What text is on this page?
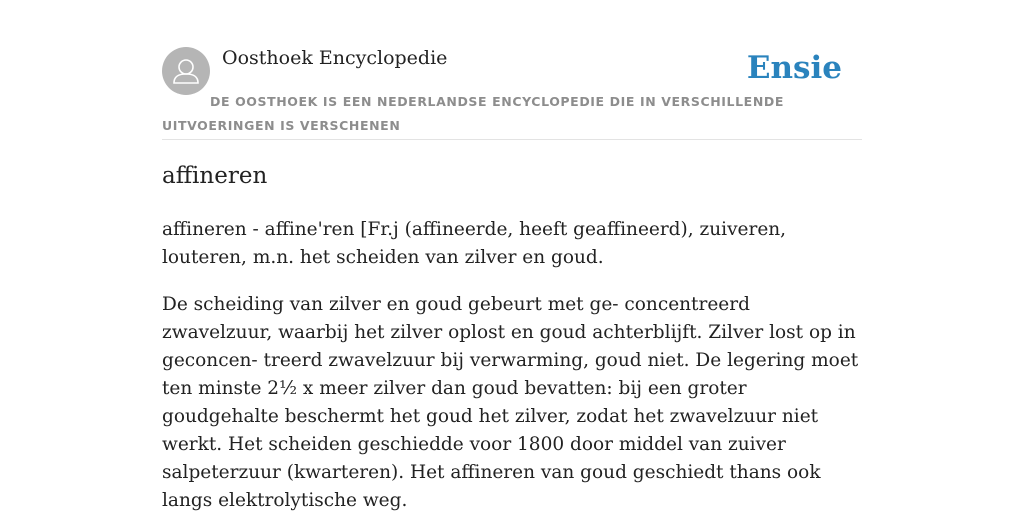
Oosthoek Encyclopedie	Ensie
DE OOSTHOEK IS EEN NEDERLANDSE ENCYCLOPEDIE DIE IN VERSCHILLENDE UITVOERINGEN IS VERSCHENEN
affineren

affineren - affine'ren [Fr.j (affineerde, heeft geaffineerd), zuiveren, louteren, m.n. het scheiden van zilver en goud.

De scheiding van zilver en goud gebeurt met ge- concentreerd zwavelzuur, waarbij het zilver oplost en goud achterblijft. Zilver lost op in geconcen- treerd zwavelzuur bij verwarming, goud niet. De legering moet ten minste 2½ x meer zilver dan goud bevatten: bij een groter goudgehalte beschermt het goud het zilver, zodat het zwavelzuur niet werkt. Het scheiden geschiedde voor 1800 door middel van zuiver salpeterzuur (kwarteren). Het affineren van goud geschiedt thans ook langs elektrolytische weg.
